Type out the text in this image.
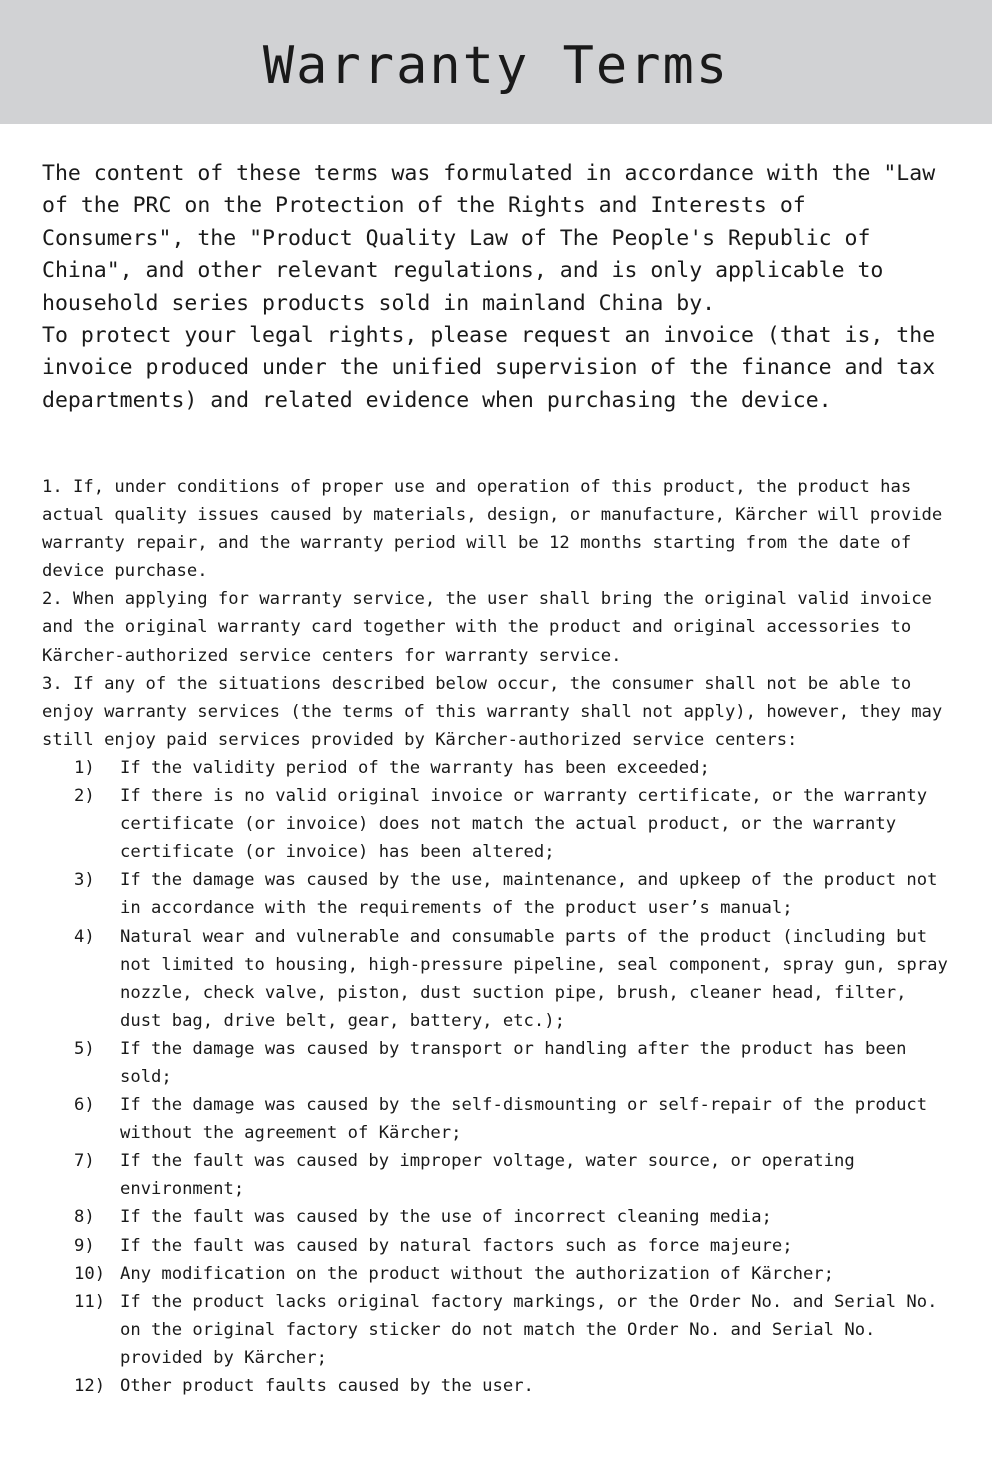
Warranty Terms

The content of these terms was formulated in accordance with the "Law of the PRC on the Protection of the Rights and Interests of Consumers", the "Product Quality Law of The People's Republic of China", and other relevant regulations, and is only applicable to household series products sold in mainland China by.

To protect your legal rights, please request an invoice (that is, the invoice produced under the unified supervision of the finance and tax departments) and related evidence when purchasing the device.

1. If, under conditions of proper use and operation of this product, the product has actual quality issues caused by materials, design, or manufacture, Kärcher will provide warranty repair, and the warranty period will be 12 months starting from the date of device purchase.

2. When applying for warranty service, the user shall bring the original valid invoice and the original warranty card together with the product and original accessories to Kärcher-authorized service centers for warranty service.

3. If any of the situations described below occur, the consumer shall not be able to enjoy warranty services (the terms of this warranty shall not apply), however, they may still enjoy paid services provided by Kärcher-authorized service centers:

1)	If the validity period of the warranty has been exceeded;
2)	If there is no valid original invoice or warranty certificate, or the warranty certificate (or invoice) does not match the actual product, or the warranty certificate (or invoice) has been altered;
3)	If the damage was caused by the use, maintenance, and upkeep of the product not in accordance with the requirements of the product user’s manual;
4)	Natural wear and vulnerable and consumable parts of the product (including but not limited to housing, high-pressure pipeline, seal component, spray gun, spray nozzle, check valve, piston, dust suction pipe, brush, cleaner head, filter, dust bag, drive belt, gear, battery, etc.);
5)	If the damage was caused by transport or handling after the product has been sold;
6)	If the damage was caused by the self-dismounting or self-repair of the product without the agreement of Kärcher;
7)	If the fault was caused by improper voltage, water source, or operating environment;
8)	If the fault was caused by the use of incorrect cleaning media;
9)	If the fault was caused by natural factors such as force majeure;
10) Any modification on the product without the authorization of Kärcher;
11) If the product lacks original factory markings, or the Order No. and Serial No. on the original factory sticker do not match the Order No. and Serial No. provided by Kärcher;
12) Other product faults caused by the user.
